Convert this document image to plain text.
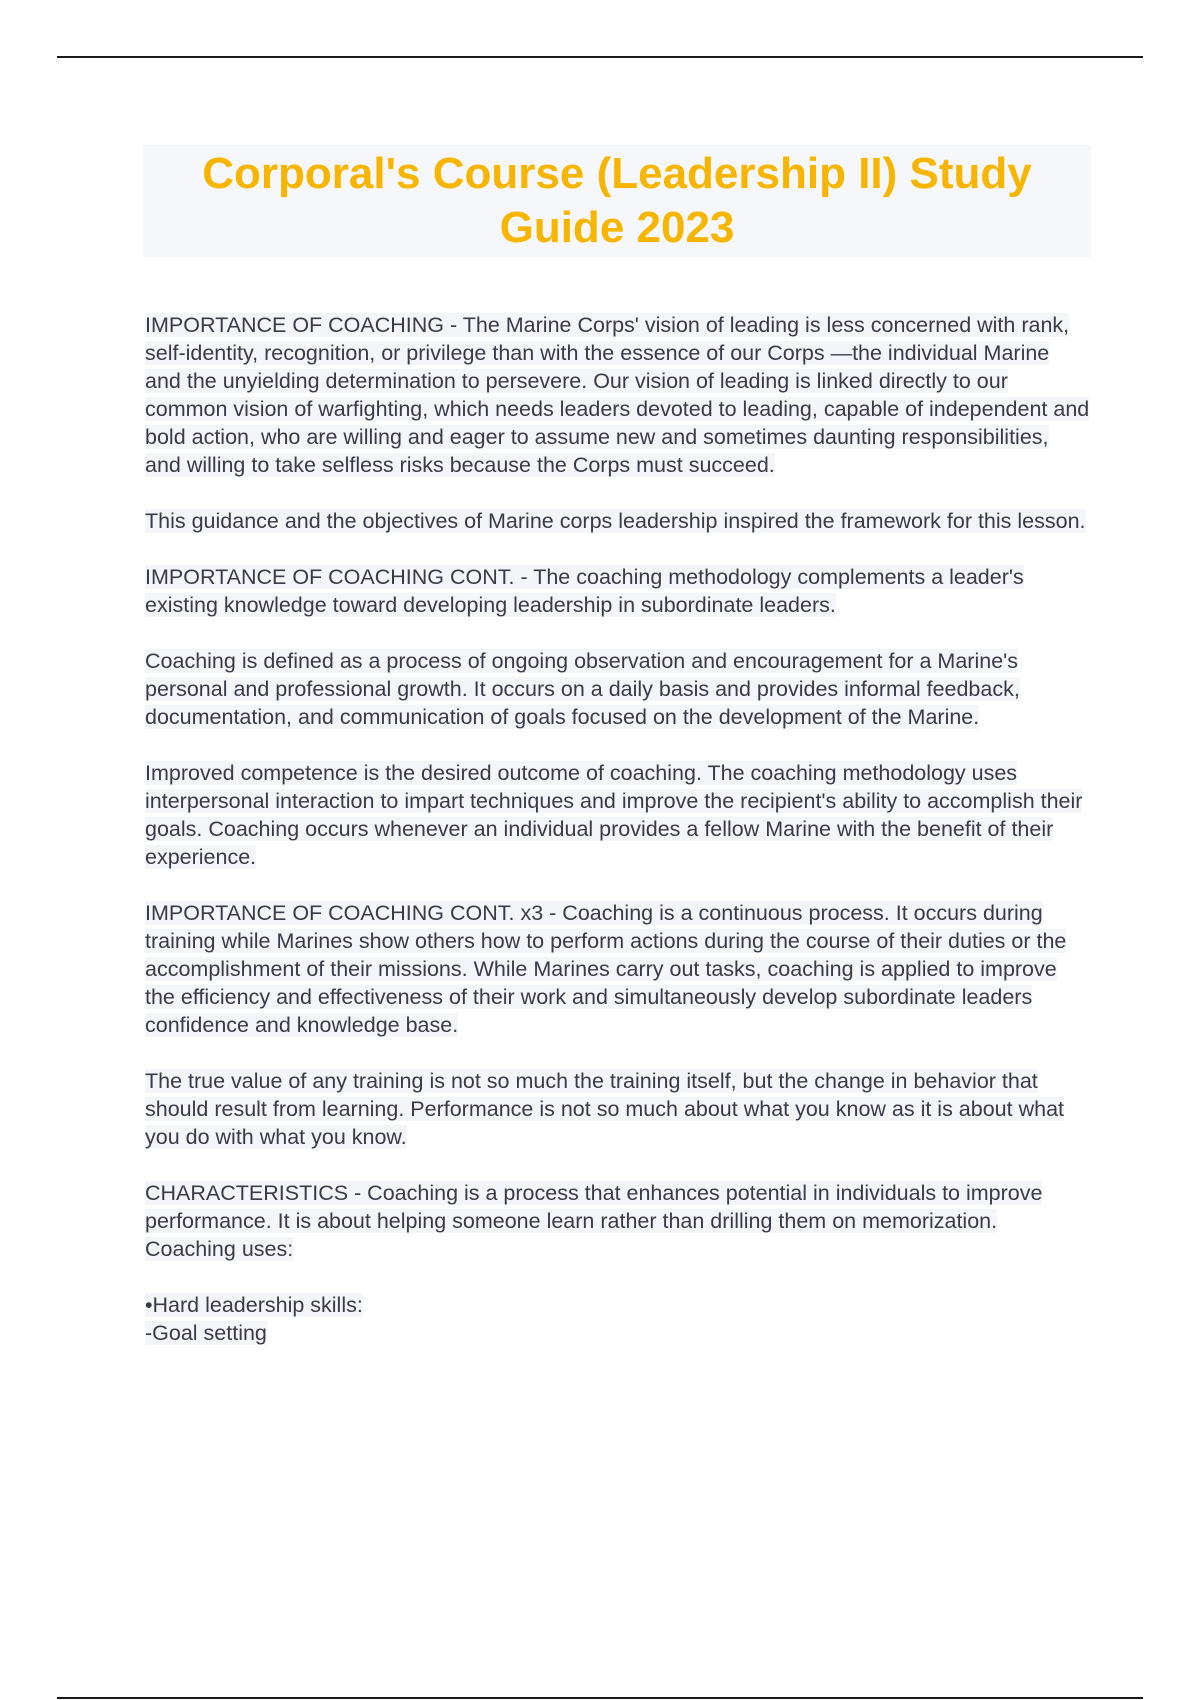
Corporal's Course (Leadership II) Study Guide 2023

IMPORTANCE OF COACHING - The Marine Corps' vision of leading is less concerned with rank, self-identity, recognition, or privilege than with the essence of our Corps —the individual Marine and the unyielding determination to persevere. Our vision of leading is linked directly to our common vision of warfighting, which needs leaders devoted to leading, capable of independent and bold action, who are willing and eager to assume new and sometimes daunting responsibilities, and willing to take selfless risks because the Corps must succeed.

This guidance and the objectives of Marine corps leadership inspired the framework for this lesson.

IMPORTANCE OF COACHING CONT. - The coaching methodology complements a leader's existing knowledge toward developing leadership in subordinate leaders.

Coaching is defined as a process of ongoing observation and encouragement for a Marine's personal and professional growth. It occurs on a daily basis and provides informal feedback, documentation, and communication of goals focused on the development of the Marine.

Improved competence is the desired outcome of coaching. The coaching methodology uses interpersonal interaction to impart techniques and improve the recipient's ability to accomplish their goals. Coaching occurs whenever an individual provides a fellow Marine with the benefit of their experience.

IMPORTANCE OF COACHING CONT. x3 - Coaching is a continuous process. It occurs during training while Marines show others how to perform actions during the course of their duties or the accomplishment of their missions. While Marines carry out tasks, coaching is applied to improve the efficiency and effectiveness of their work and simultaneously develop subordinate leaders confidence and knowledge base.

The true value of any training is not so much the training itself, but the change in behavior that should result from learning. Performance is not so much about what you know as it is about what you do with what you know.

CHARACTERISTICS - Coaching is a process that enhances potential in individuals to improve performance. It is about helping someone learn rather than drilling them on memorization. Coaching uses:

•Hard leadership skills:

-Goal setting
